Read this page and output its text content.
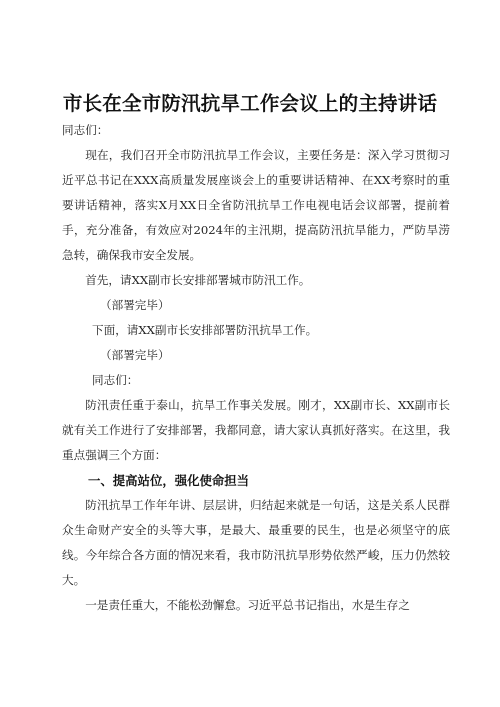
市长在全市防汛抗旱工作会议上的主持讲话

同志们：

现在，我们召开全市防汛抗旱工作会议，主要任务是：深入学习贯彻习近平总书记在XXX高质量发展座谈会上的重要讲话精神、在XX考察时的重要讲话精神，落实X月XX日全省防汛抗旱工作电视电话会议部署，提前着手，充分准备，有效应对2024年的主汛期，提高防汛抗旱能力，严防旱涝急转，确保我市安全发展。

首先，请XX副市长安排部署城市防汛工作。

（部署完毕）

下面，请XX副市长安排部署防汛抗旱工作。

（部署完毕）

同志们：

防汛责任重于泰山，抗旱工作事关发展。刚才，XX副市长、XX副市长就有关工作进行了安排部署，我都同意，请大家认真抓好落实。在这里，我重点强调三个方面：

一、提高站位，强化使命担当

防汛抗旱工作年年讲、层层讲，归结起来就是一句话，这是关系人民群众生命财产安全的头等大事，是最大、最重要的民生，也是必须坚守的底线。今年综合各方面的情况来看，我市防汛抗旱形势依然严峻，压力仍然较大。

一是责任重大，不能松劲懈怠。习近平总书记指出，水是生存之
